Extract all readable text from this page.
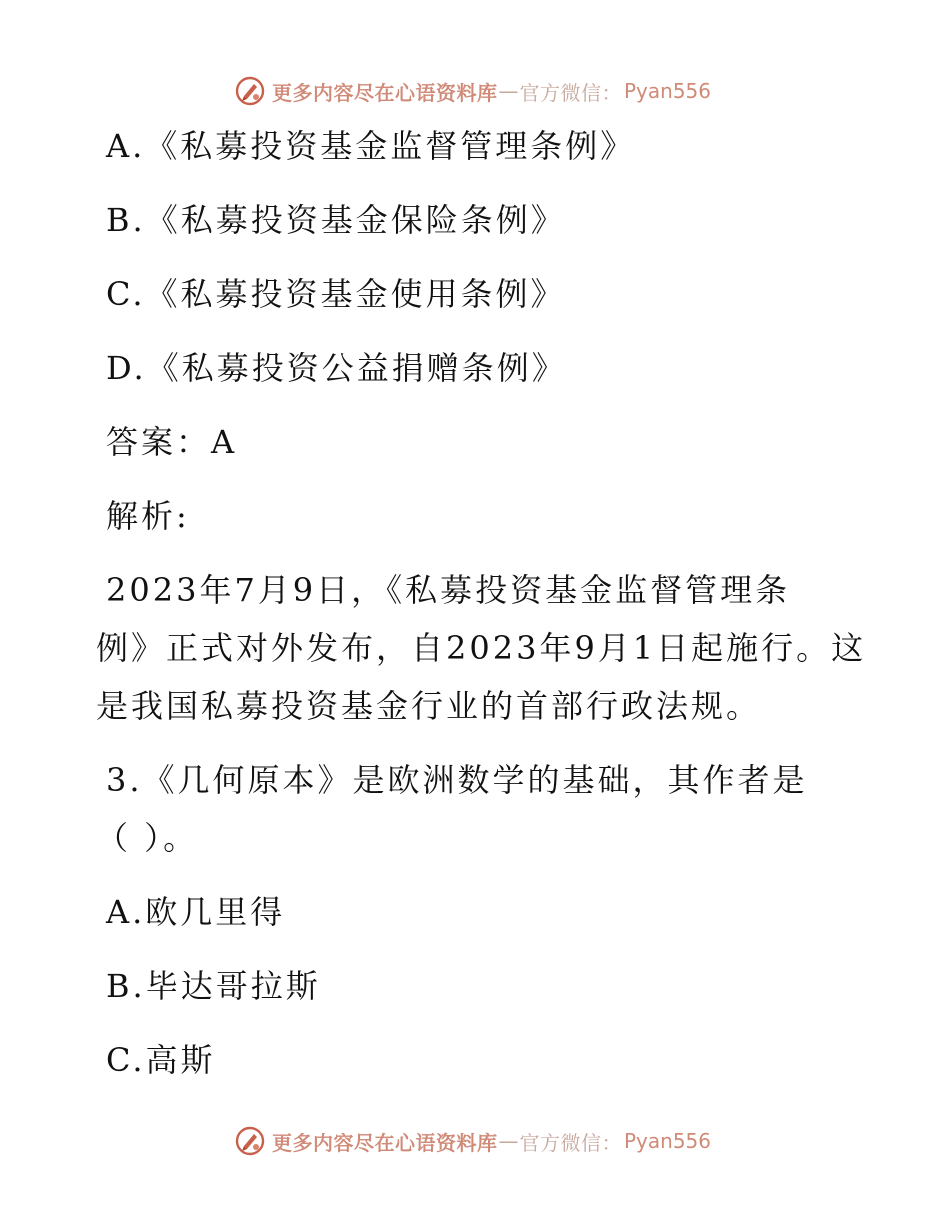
更多内容尽在心语资料库 — 官方微信： Pyan556
A.《私募投资基金监督管理条例》
B.《私募投资基金保险条例》
C.《私募投资基金使用条例》
D.《私募投资公益捐赠条例》
答案：A
解析:
2023年7月9日，《私募投资基金监督管理条
例》正式对外发布，自2023年9月1日起施行。这
是我国私募投资基金行业的首部行政法规。
3.《几何原本》是欧洲数学的基础，其作者是
（ ）。
A.欧几里得
B.毕达哥拉斯
C.高斯
更多内容尽在心语资料库 — 官方微信： Pyan556
